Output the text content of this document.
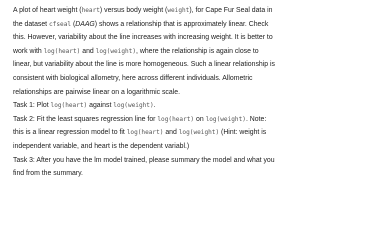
A plot of heart weight (heart) versus body weight (weight), for Cape Fur Seal data in
the dataset cfseal (DAAG) shows a relationship that is approximately linear. Check
this. However, variability about the line increases with increasing weight. It is better to
work with log(heart) and log(weight), where the relationship is again close to
linear, but variability about the line is more homogeneous. Such a linear relationship is
consistent with biological allometry, here across different individuals. Allometric
relationships are pairwise linear on a logarithmic scale.
Task 1: Plot log(heart) against log(weight).
Task 2: Fit the least squares regression line for log(heart) on log(weight). Note:
this is a linear regression model to fit log(heart) and log(weight) (Hint: weight is
independent variable, and heart is the dependent variabl.)
Task 3: After you have the lm model trained, please summary the model and what you
find from the summary.
